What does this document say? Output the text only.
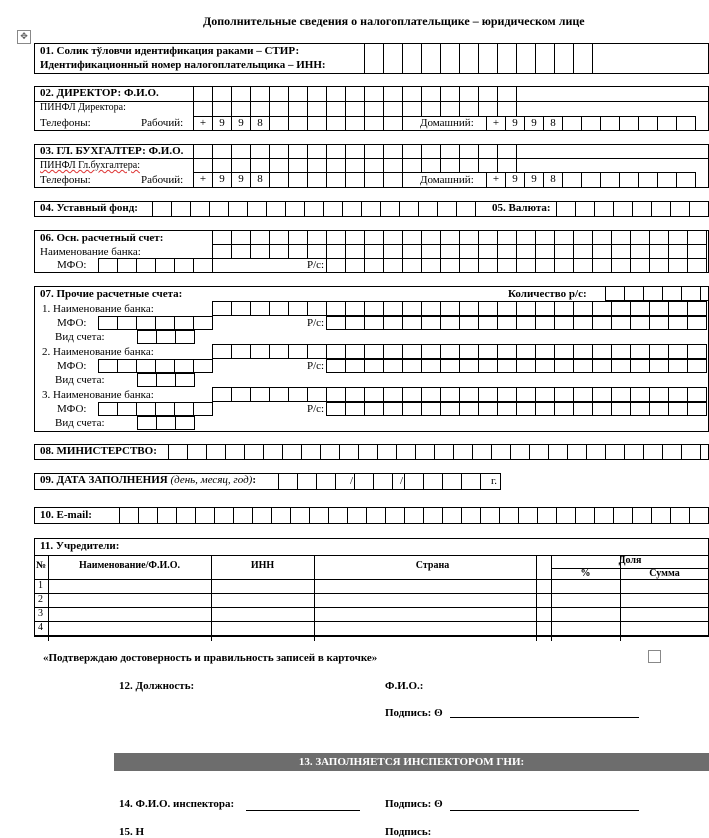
Дополнительные сведения о налогоплательщике – юридическом лице
✥
01. Солик тўловчи идентификация раками – СТИР:
Идентификационный номер налогоплательщика – ИНН:
02. ДИРЕКТОР: Ф.И.О.
ПИНФЛ Директора:
Телефоны:	Рабочий:	Домашний:
+	9	9	8	+	9	9	8
03. ГЛ. БУХГАЛТЕР: Ф.И.О.
ПИНФЛ Гл.бухгалтера:
Телефоны:	Рабочий:	Домашний:
+	9	9	8	+	9	9	8
04. Уставный фонд:	05. Валюта:
06. Осн. расчетный счет:
Наименование банка:
МФО:	Р/с:
07. Прочие расчетные счета:	Количество р/с:
1. Наименование банка:
МФО:	Р/с:
Вид счета:
2. Наименование банка:
МФО:	Р/с:
Вид счета:
3. Наименование банка:
МФО:	Р/с:
Вид счета:
08. МИНИСТЕРСТВО:
09. ДАТА ЗАПОЛНЕНИЯ (день, месяц, год):	/	/	г.
10. E-mail:
11. Учредители:
№	Наименование/Ф.И.О.	ИНН	Страна	Доля
%	Сумма
1
2
3
4
«Подтверждаю достоверность и правильность записей в карточке»
12. Должность:	Ф.И.О.:
Подпись: ʘ
13. ЗАПОЛНЯЕТСЯ ИНСПЕКТОРОМ ГНИ:
14. Ф.И.О. инспектора:	Подпись: ʘ
15. Н	Подпись:
